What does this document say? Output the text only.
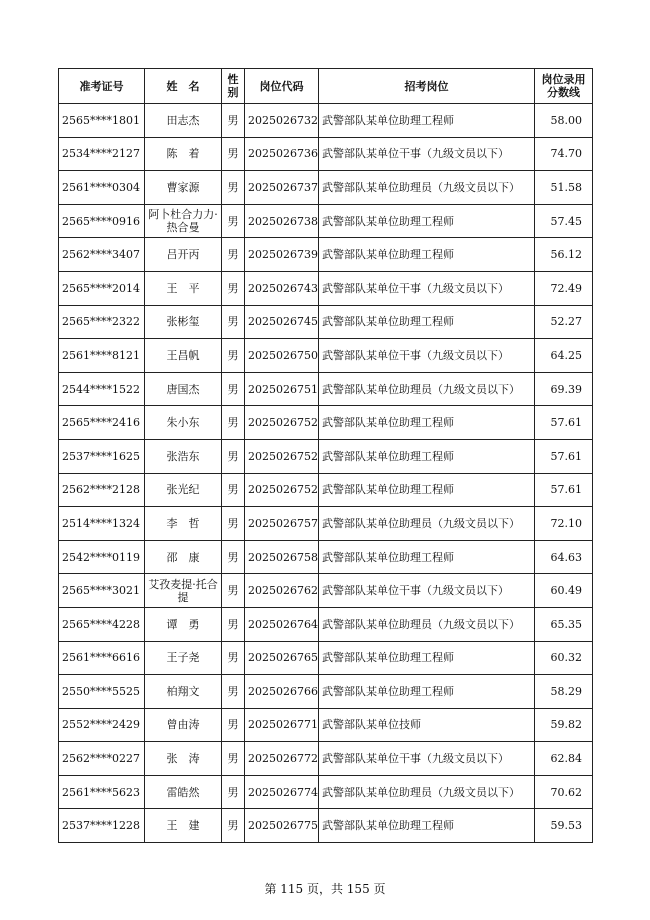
准考证号	姓　名	性别	岗位代码	招考岗位	岗位录用分数线
2565****1801	田志杰	男	2025026732	武警部队某单位助理工程师	58.00
2534****2127	陈　着	男	2025026736	武警部队某单位干事（九级文员以下）	74.70
2561****0304	曹家源	男	2025026737	武警部队某单位助理员（九级文员以下）	51.58
2565****0916	阿卜杜合力力·热合曼	男	2025026738	武警部队某单位助理工程师	57.45
2562****3407	吕开丙	男	2025026739	武警部队某单位助理工程师	56.12
2565****2014	王　平	男	2025026743	武警部队某单位干事（九级文员以下）	72.49
2565****2322	张彬玺	男	2025026745	武警部队某单位助理工程师	52.27
2561****8121	王昌帆	男	2025026750	武警部队某单位干事（九级文员以下）	64.25
2544****1522	唐国杰	男	2025026751	武警部队某单位助理员（九级文员以下）	69.39
2565****2416	朱小东	男	2025026752	武警部队某单位助理工程师	57.61
2537****1625	张浩东	男	2025026752	武警部队某单位助理工程师	57.61
2562****2128	张光纪	男	2025026752	武警部队某单位助理工程师	57.61
2514****1324	李　哲	男	2025026757	武警部队某单位助理员（九级文员以下）	72.10
2542****0119	邵　康	男	2025026758	武警部队某单位助理工程师	64.63
2565****3021	艾孜麦提·托合提	男	2025026762	武警部队某单位干事（九级文员以下）	60.49
2565****4228	谭　勇	男	2025026764	武警部队某单位助理员（九级文员以下）	65.35
2561****6616	王子尧	男	2025026765	武警部队某单位助理工程师	60.32
2550****5525	柏翔文	男	2025026766	武警部队某单位助理工程师	58.29
2552****2429	曾由涛	男	2025026771	武警部队某单位技师	59.82
2562****0227	张　涛	男	2025026772	武警部队某单位干事（九级文员以下）	62.84
2561****5623	雷皓然	男	2025026774	武警部队某单位助理员（九级文员以下）	70.62
2537****1228	王　建	男	2025026775	武警部队某单位助理工程师	59.53
第 115 页，共 155 页
